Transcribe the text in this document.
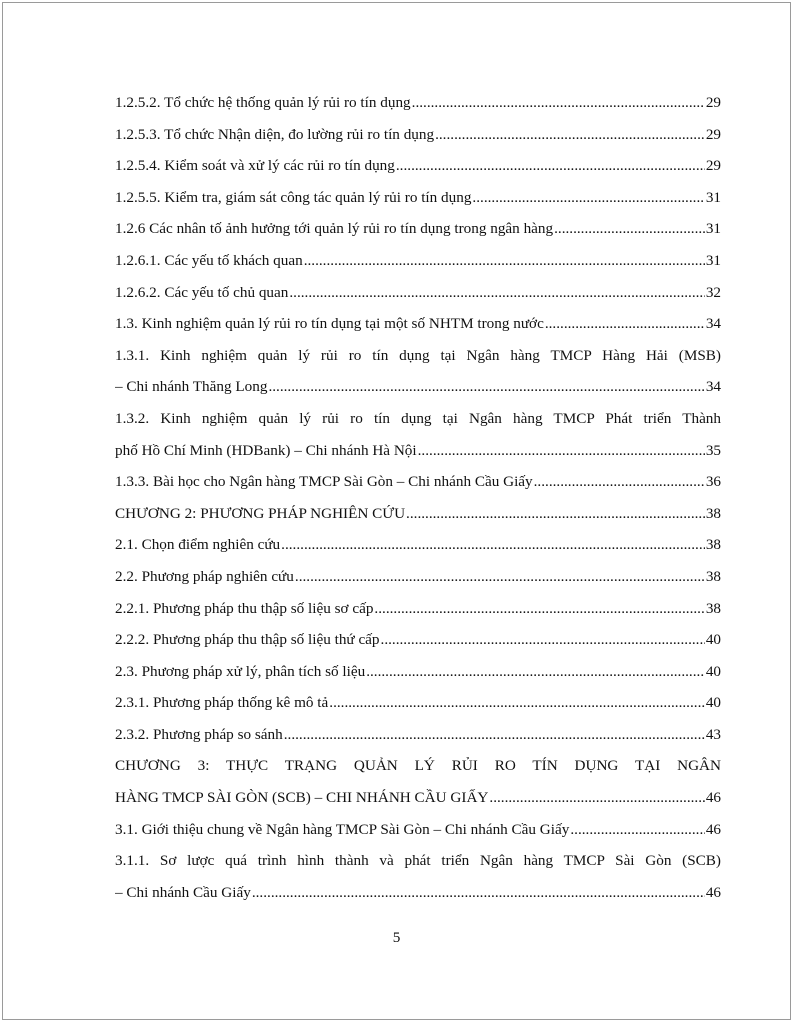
1.2.5.2. Tổ chức hệ thống quản lý rủi ro tín dụng .....	29
1.2.5.3. Tổ chức Nhận diện, đo lường rủi ro tín dụng .....	29
1.2.5.4. Kiểm soát và xử lý các rủi ro tín dụng .....	29
1.2.5.5. Kiểm tra, giám sát công tác quản lý rủi ro tín dụng .....	31
1.2.6 Các nhân tố ảnh hưởng tới quản lý rủi ro tín dụng trong ngân hàng .....	31
1.2.6.1. Các yếu tố khách quan .....	31
1.2.6.2. Các yếu tố chủ quan .....	32
1.3. Kinh nghiệm quản lý rủi ro tín dụng tại một số NHTM trong nước .....	34
1.3.1. Kinh nghiệm quản lý rủi ro tín dụng tại Ngân hàng TMCP Hàng Hải (MSB)
– Chi nhánh Thăng Long .....	34
1.3.2. Kinh nghiệm quản lý rủi ro tín dụng tại Ngân hàng TMCP Phát triển Thành
phố Hồ Chí Minh (HDBank) – Chi nhánh Hà Nội .....	35
1.3.3. Bài học cho Ngân hàng TMCP Sài Gòn – Chi nhánh Cầu Giấy .....	36
CHƯƠNG 2: PHƯƠNG PHÁP NGHIÊN CỨU .....	38
2.1. Chọn điểm nghiên cứu .....	38
2.2. Phương pháp nghiên cứu .....	38
2.2.1. Phương pháp thu thập số liệu sơ cấp .....	38
2.2.2. Phương pháp thu thập số liệu thứ cấp .....	40
2.3. Phương pháp xử lý, phân tích số liệu .....	40
2.3.1. Phương pháp thống kê mô tả .....	40
2.3.2. Phương pháp so sánh .....	43
CHƯƠNG 3: THỰC TRẠNG QUẢN LÝ RỦI RO TÍN DỤNG TẠI NGÂN
HÀNG TMCP SÀI GÒN (SCB) – CHI NHÁNH CẦU GIẤY .....	46
3.1. Giới thiệu chung về Ngân hàng TMCP Sài Gòn – Chi nhánh Cầu Giấy .....	46
3.1.1. Sơ lược quá trình hình thành và phát triển Ngân hàng TMCP Sài Gòn (SCB)
– Chi nhánh Cầu Giấy .....	46
5
